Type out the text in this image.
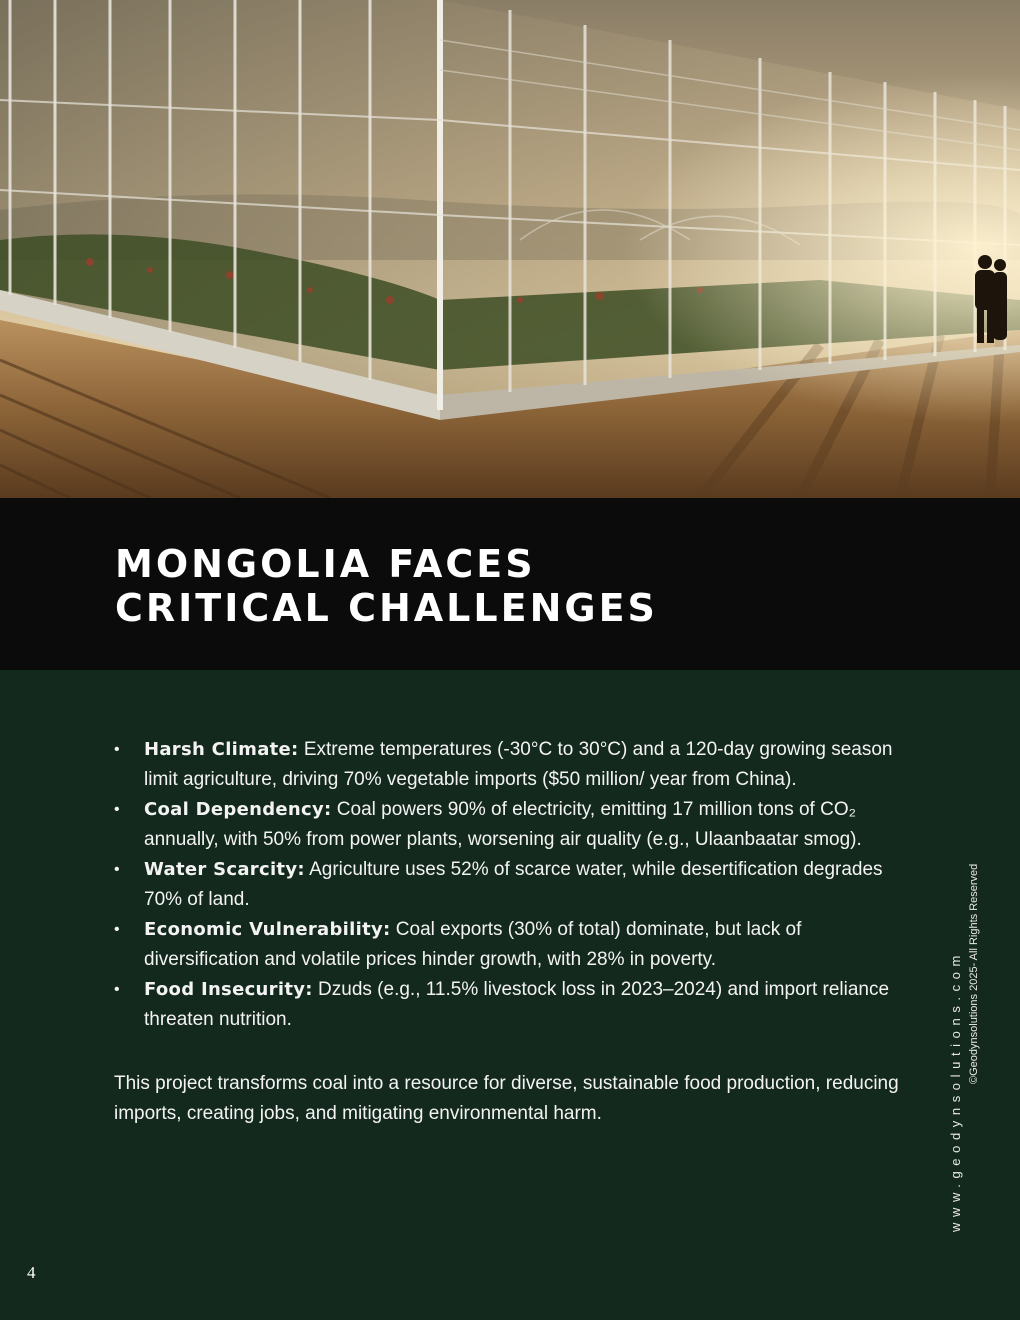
MONGOLIA FACES
CRITICAL CHALLENGES
• Harsh Climate: Extreme temperatures (-30°C to 30°C) and a 120-day growing season limit agriculture, driving 70% vegetable imports ($50 million/ year from China).
• Coal Dependency: Coal powers 90% of electricity, emitting 17 million tons of CO₂ annually, with 50% from power plants, worsening air quality (e.g., Ulaanbaatar smog).
• Water Scarcity: Agriculture uses 52% of scarce water, while desertification degrades 70% of land.
• Economic Vulnerability: Coal exports (30% of total) dominate, but lack of diversification and volatile prices hinder growth, with 28% in poverty.
• Food Insecurity: Dzuds (e.g., 11.5% livestock loss in 2023–2024) and import reliance threaten nutrition.

This project transforms coal into a resource for diverse, sustainable food production, reducing imports, creating jobs, and mitigating environmental harm.	www.geodynsolutions.com ©Geodynsolutions 2025- All Rights Reserved
4
